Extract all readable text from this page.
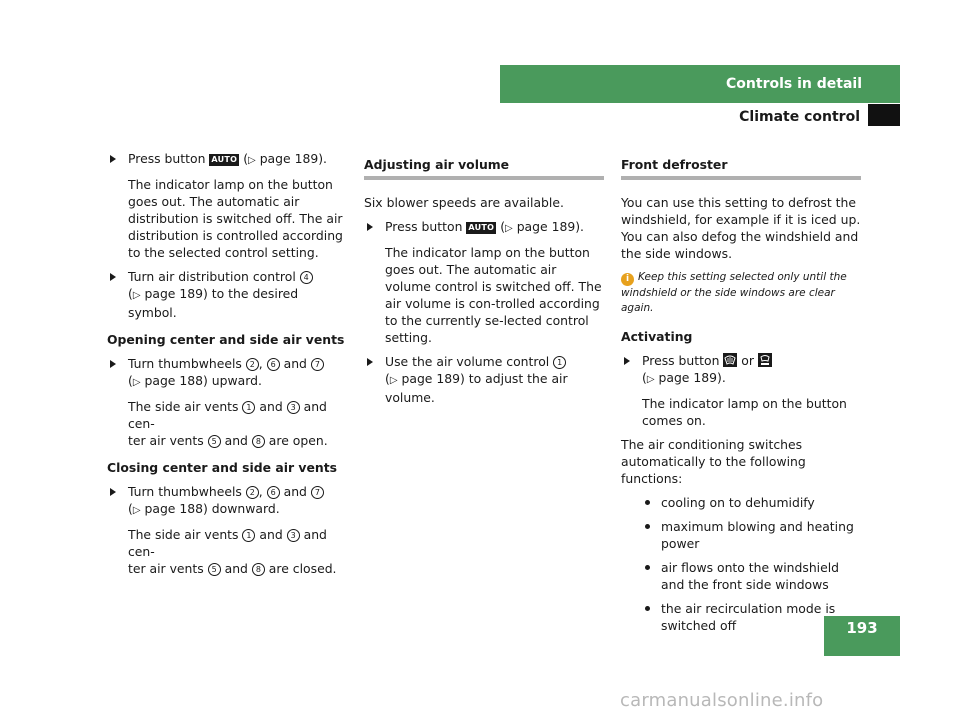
Controls in detail
Climate control
Press button AUTO (▷ page 189).

The indicator lamp on the button goes out. The automatic air distribution is switched off. The air distribution is controlled according to the selected control setting.

Turn air distribution control 4
(▷ page 189) to the desired symbol.
Opening center and side air vents
Turn thumbwheels 2 , 6 and 7
(▷ page 188) upward.

The side air vents 1 and 3 and cen-
ter air vents 5 and 8 are open.

Closing center and side air vents
Turn thumbwheels 2 , 6 and 7
(▷ page 188) downward.

The side air vents 1 and 3 and cen-
ter air vents 5 and 8 are closed.

Adjusting air volume

Six blower speeds are available.

Press button AUTO (▷ page 189).

The indicator lamp on the button goes out. The automatic air volume control is switched off. The air volume is con-trolled according to the currently se-lected control setting.

Use the air volume control 1
(▷ page 189) to adjust the air volume.
Front defroster

You can use this setting to defrost the windshield, for example if it is iced up. You can also defog the windshield and the side windows.

i Keep this setting selected only until the windshield or the side windows are clear again.
Activating
Press button
or

(▷ page 189).

The indicator lamp on the button comes on.

The air conditioning switches automatically to the following functions:

cooling on to dehumidify
maximum blowing and heating power
air flows onto the windshield and the front side windows
the air recirculation mode is switched off	193
carmanualsonline.info
